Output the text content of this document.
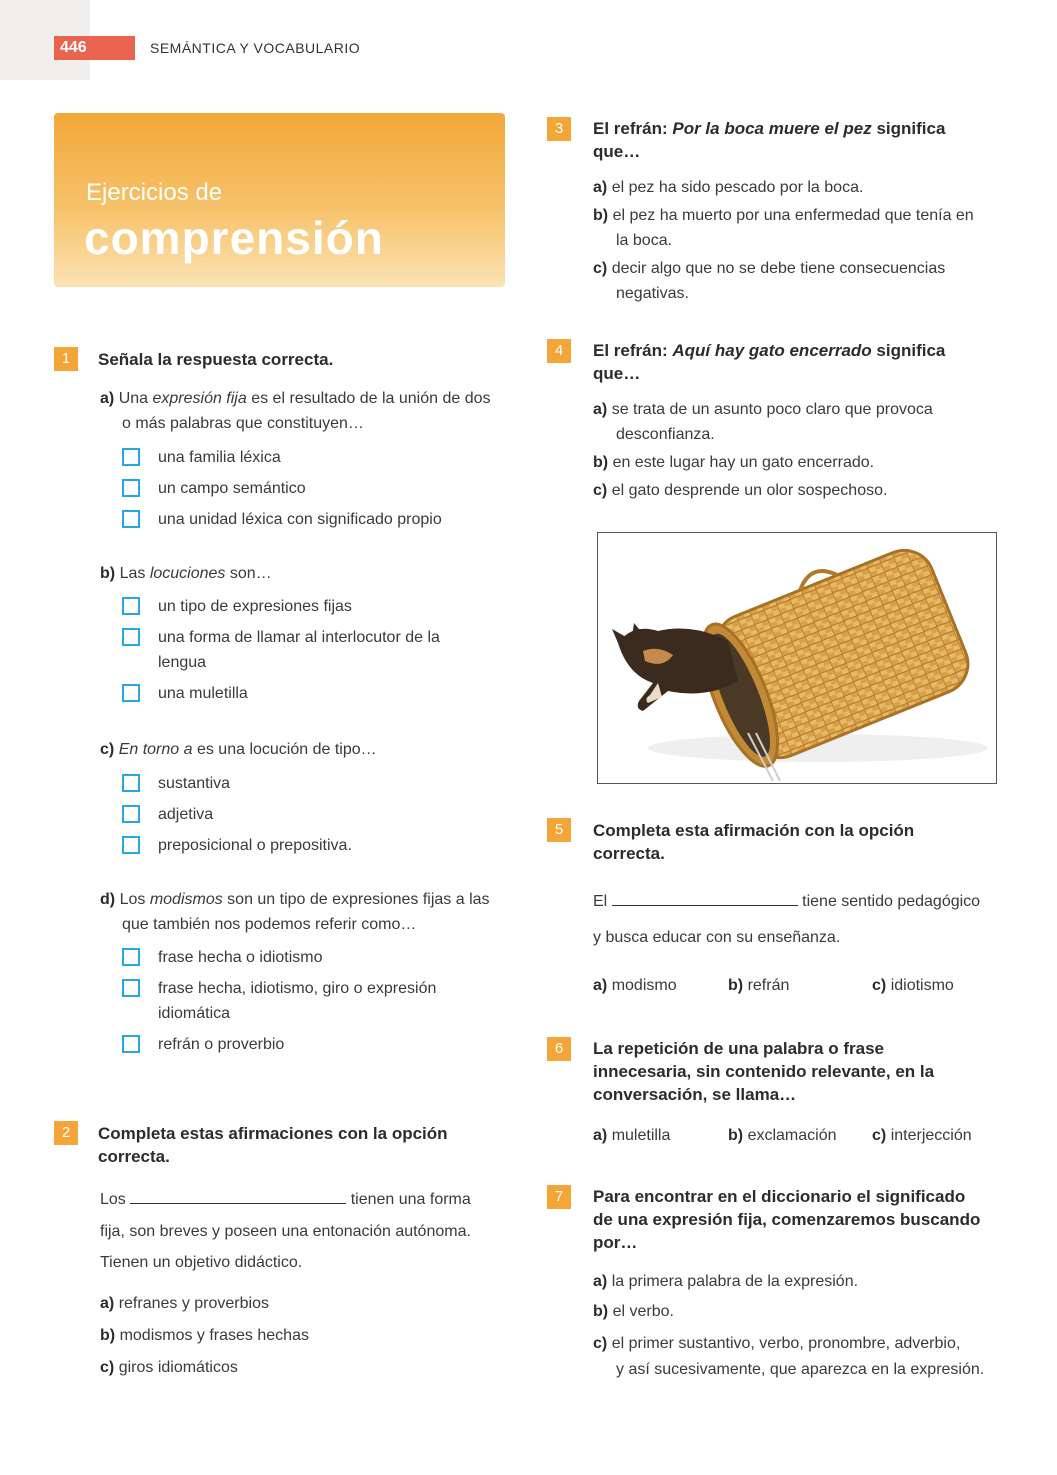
446	SEMÁNTICA Y VOCABULARIO
Ejercicios de
comprensión
1	Señala la respuesta correcta.
a) Una expresión fija es el resultado de la unión de dos
o más palabras que constituyen…
una familia léxica
un campo semántico
una unidad léxica con significado propio
b) Las locuciones son…
un tipo de expresiones fijas
una forma de llamar al interlocutor de la
lengua
una muletilla
c) En torno a es una locución de tipo…
sustantiva
adjetiva
preposicional o prepositiva.
d) Los modismos son un tipo de expresiones fijas a las
que también nos podemos referir como…
frase hecha o idiotismo
frase hecha, idiotismo, giro o expresión
idiomática
refrán o proverbio
2	Completa estas afirmaciones con la opción
correcta.
Los	tienen una forma
fija, son breves y poseen una entonación autónoma.
Tienen un objetivo didáctico.
a) refranes y proverbios
b) modismos y frases hechas
c) giros idiomáticos
3	El refrán: Por la boca muere el pez significa
que…
a) el pez ha sido pescado por la boca.
b) el pez ha muerto por una enfermedad que tenía en
la boca.
c) decir algo que no se debe tiene consecuencias
negativas.
4	El refrán: Aquí hay gato encerrado significa
que…
a) se trata de un asunto poco claro que provoca
desconfianza.
b) en este lugar hay un gato encerrado.
c) el gato desprende un olor sospechoso.
5	Completa esta afirmación con la opción
correcta.
El	tiene sentido pedagógico
y busca educar con su enseñanza.
a) modismo	b) refrán	c) idiotismo
6	La repetición de una palabra o frase
innecesaria, sin contenido relevante, en la
conversación, se llama…
a) muletilla	b) exclamación c) interjección
7	Para encontrar en el diccionario el significado
de una expresión fija, comenzaremos buscando
por…
a) la primera palabra de la expresión.
b) el verbo.
c) el primer sustantivo, verbo, pronombre, adverbio,
y así sucesivamente, que aparezca en la expresión.
